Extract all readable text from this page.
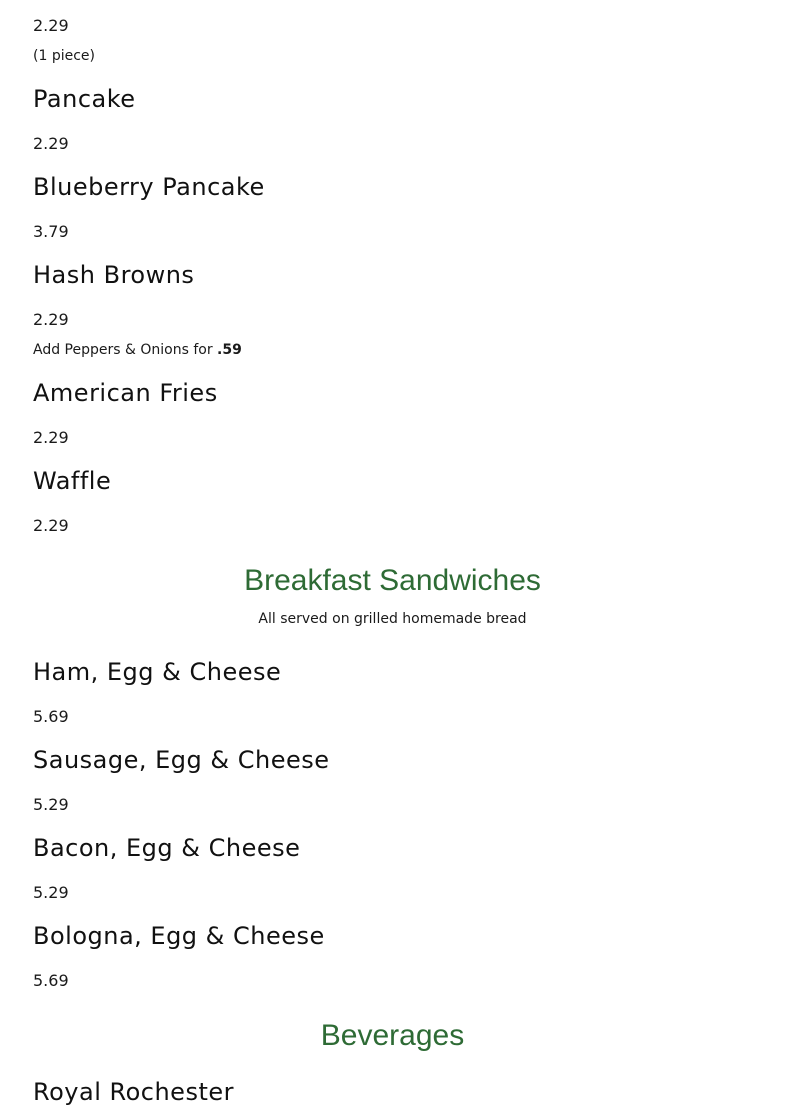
2.29
(1 piece)
Pancake
2.29
Blueberry Pancake
3.79
Hash Browns
2.29
Add Peppers & Onions for .59
American Fries
2.29
Waffle
2.29
Breakfast Sandwiches
All served on grilled homemade bread
Ham, Egg & Cheese
5.69
Sausage, Egg & Cheese
5.29
Bacon, Egg & Cheese
5.29
Bologna, Egg & Cheese
5.69
Beverages
Royal Rochester
